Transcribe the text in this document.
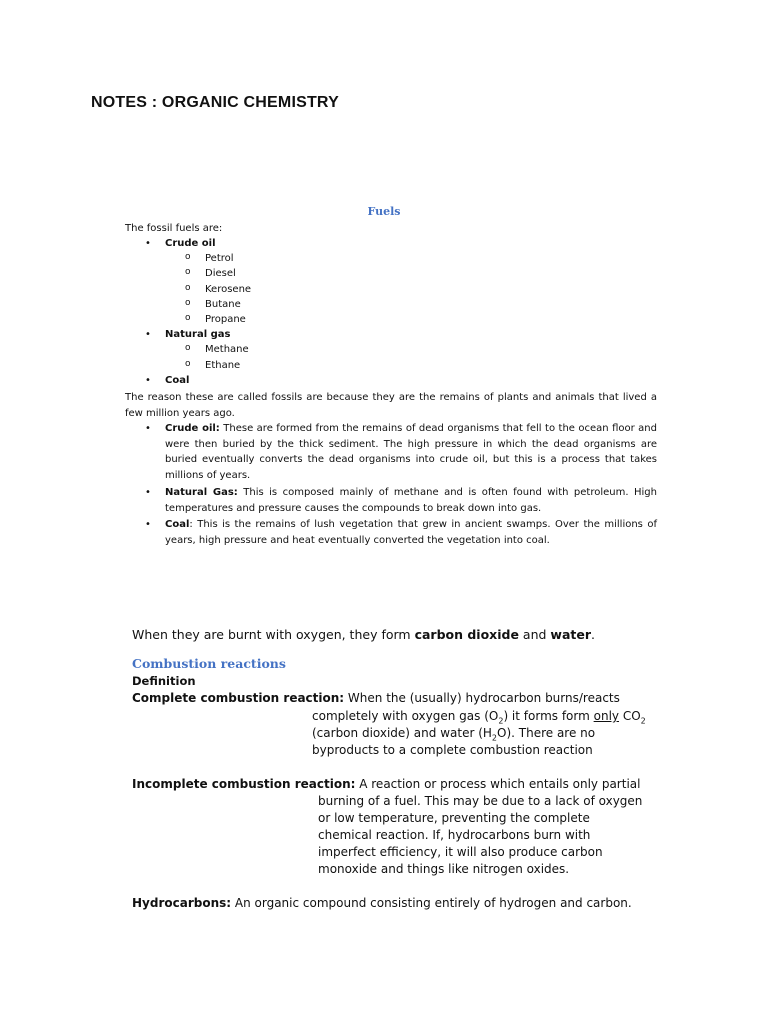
NOTES : ORGANIC CHEMISTRY
Fuels
The fossil fuels are:
• Crude oil
o Petrol
o Diesel
o Kerosene
o Butane
o Propane
• Natural gas
o Methane
o Ethane
• Coal
The reason these are called fossils are because they are the remains of plants and animals that lived a few million years ago.
• Crude oil: These are formed from the remains of dead organisms that fell to the ocean floor and were then buried by the thick sediment. The high pressure in which the dead organisms are buried eventually converts the dead organisms into crude oil, but this is a process that takes millions of years.
• Natural Gas: This is composed mainly of methane and is often found with petroleum. High temperatures and pressure causes the compounds to break down into gas.
• Coal: This is the remains of lush vegetation that grew in ancient swamps. Over the millions of years, high pressure and heat eventually converted the vegetation into coal.
When they are burnt with oxygen, they form carbon dioxide and water.
Combustion reactions
Definition
Complete combustion reaction: When the (usually) hydrocarbon burns/reacts
completely with oxygen gas $(O_2)$ it forms form only $CO_2$
(carbon dioxide) and water $(H_2O)$. There are no
byproducts to a complete combustion reaction
Incomplete combustion reaction: A reaction or process which entails only partial
burning of a fuel. This may be due to a lack of oxygen
or low temperature, preventing the complete
chemical reaction. If, hydrocarbons burn with
imperfect efficiency, it will also produce carbon
monoxide and things like nitrogen oxides.
Hydrocarbons: An organic compound consisting entirely of hydrogen and carbon.
